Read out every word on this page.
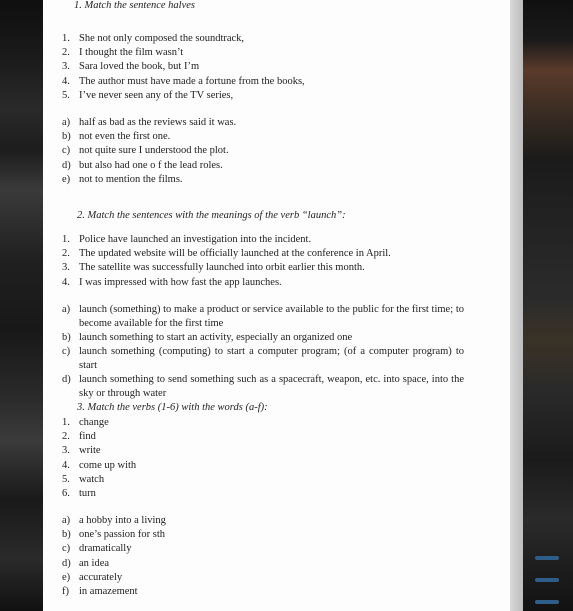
1. Match the sentence halves
1. She not only composed the soundtrack,
2. I thought the film wasn’t
3. Sara loved the book, but I’m
4. The author must have made a fortune from the books,
5. I’ve never seen any of the TV series,
a) half as bad as the reviews said it was.
b) not even the first one.
c) not quite sure I understood the plot.
d) but also had one o f the lead roles.
e) not to mention the films.
2. Match the sentences with the meanings of the verb “launch”:
1. Police have launched an investigation into the incident.
2. The updated website will be officially launched at the conference in April.
3. The satellite was successfully launched into orbit earlier this month.
4. I was impressed with how fast the app launches.
a) launch (something) to make a product or service available to the public for the first time; to become available for the first time
b) launch something to start an activity, especially an organized one
c) launch something (computing) to start a computer program; (of a computer program) to start
d) launch something to send something such as a spacecraft, weapon, etc. into space, into the sky or through water
3. Match the verbs (1-6) with the words (a-f):
1. change
2. find
3. write
4. come up with
5. watch
6. turn
a) a hobby into a living
b) one’s passion for sth
c) dramatically
d) an idea
e) accurately
f) in amazement
